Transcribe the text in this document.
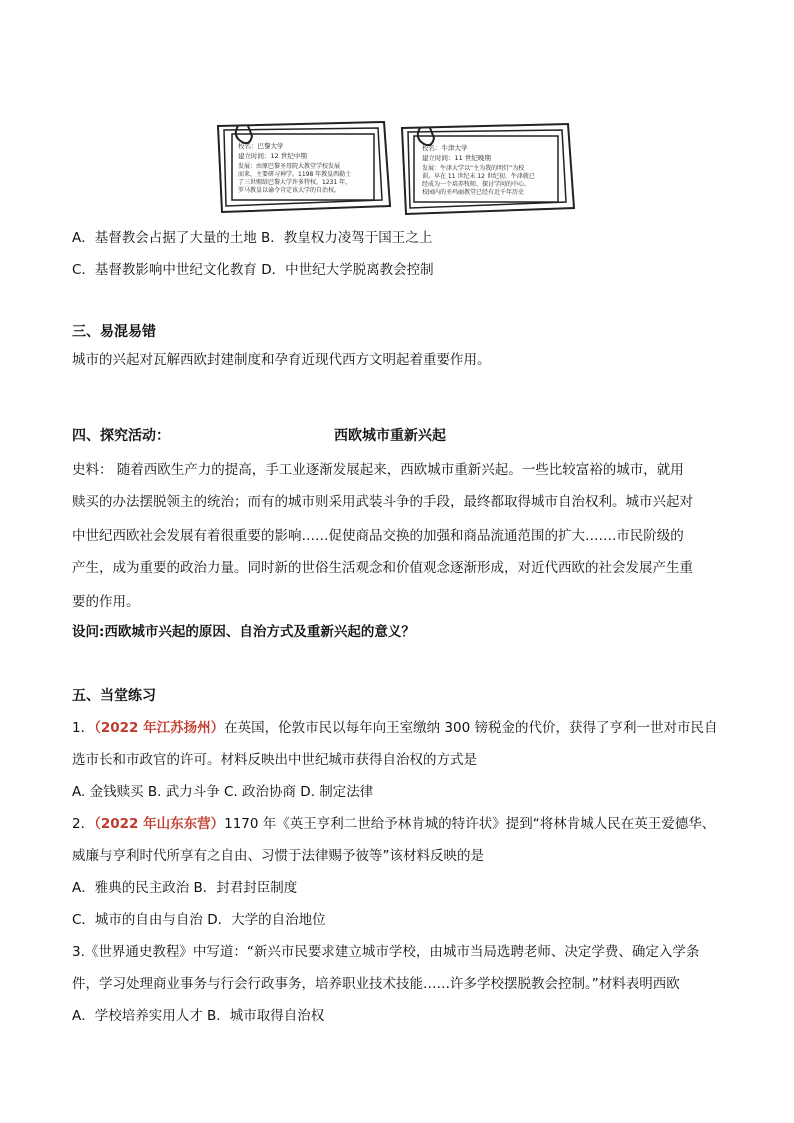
校名：巴黎大学
建立时间：12 世纪中期
发展：由原巴黎圣母院大教堂学校发展
而来，主要研习神学。1198 年教皇西勒士
了三世赐给巴黎大学许多特权，1231 年，
罗马教皇以谕令肯定该大学的自治权。
校名：牛津大学
建立时间：11 世纪晚期
发展：牛津大学以“主为我的明灯”为校
训。早在 11 世纪末 12 世纪初，牛津就已
经成为一个培养牧师、探讨学问的中心。
校园内的圣玛丽教堂已经有近千年历史
A．基督教会占据了大量的土地 B．教皇权力凌驾于国王之上
C．基督教影响中世纪文化教育 D．中世纪大学脱离教会控制
三、易混易错
城市的兴起对瓦解西欧封建制度和孕育近现代西方文明起着重要作用。
四、探究活动：	西欧城市重新兴起
史料： 随着西欧生产力的提高，手工业逐渐发展起来，西欧城市重新兴起。一些比较富裕的城市，就用
赎买的办法摆脱领主的统治；而有的城市则采用武装斗争的手段，最终都取得城市自治权利。城市兴起对
中世纪西欧社会发展有着很重要的影响……促使商品交换的加强和商品流通范围的扩大…….市民阶级的
产生，成为重要的政治力量。同时新的世俗生活观念和价值观念逐渐形成，对近代西欧的社会发展产生重
要的作用。
设问:西欧城市兴起的原因、自治方式及重新兴起的意义？
五、当堂练习
1．（2022 年江苏扬州）在英国，伦敦市民以每年向王室缴纳 300 镑税金的代价，获得了亨利一世对市民自
选市长和市政官的许可。材料反映出中世纪城市获得自治权的方式是
A. 金钱赎买 B. 武力斗争 C. 政治协商 D. 制定法律
2．（2022 年山东东营）1170 年《英王亨利二世给予林肯城的特许状》提到“将林肯城人民在英王爱德华、
威廉与亨利时代所享有之自由、习惯于法律赐予彼等”该材料反映的是
A．雅典的民主政治 B．封君封臣制度
C．城市的自由与自治 D．大学的自治地位
3.《世界通史教程》中写道：“新兴市民要求建立城市学校，由城市当局选聘老师、决定学费、确定入学条
件，学习处理商业事务与行会行政事务，培养职业技术技能……许多学校摆脱教会控制。”材料表明西欧
A．学校培养实用人才 B．城市取得自治权
